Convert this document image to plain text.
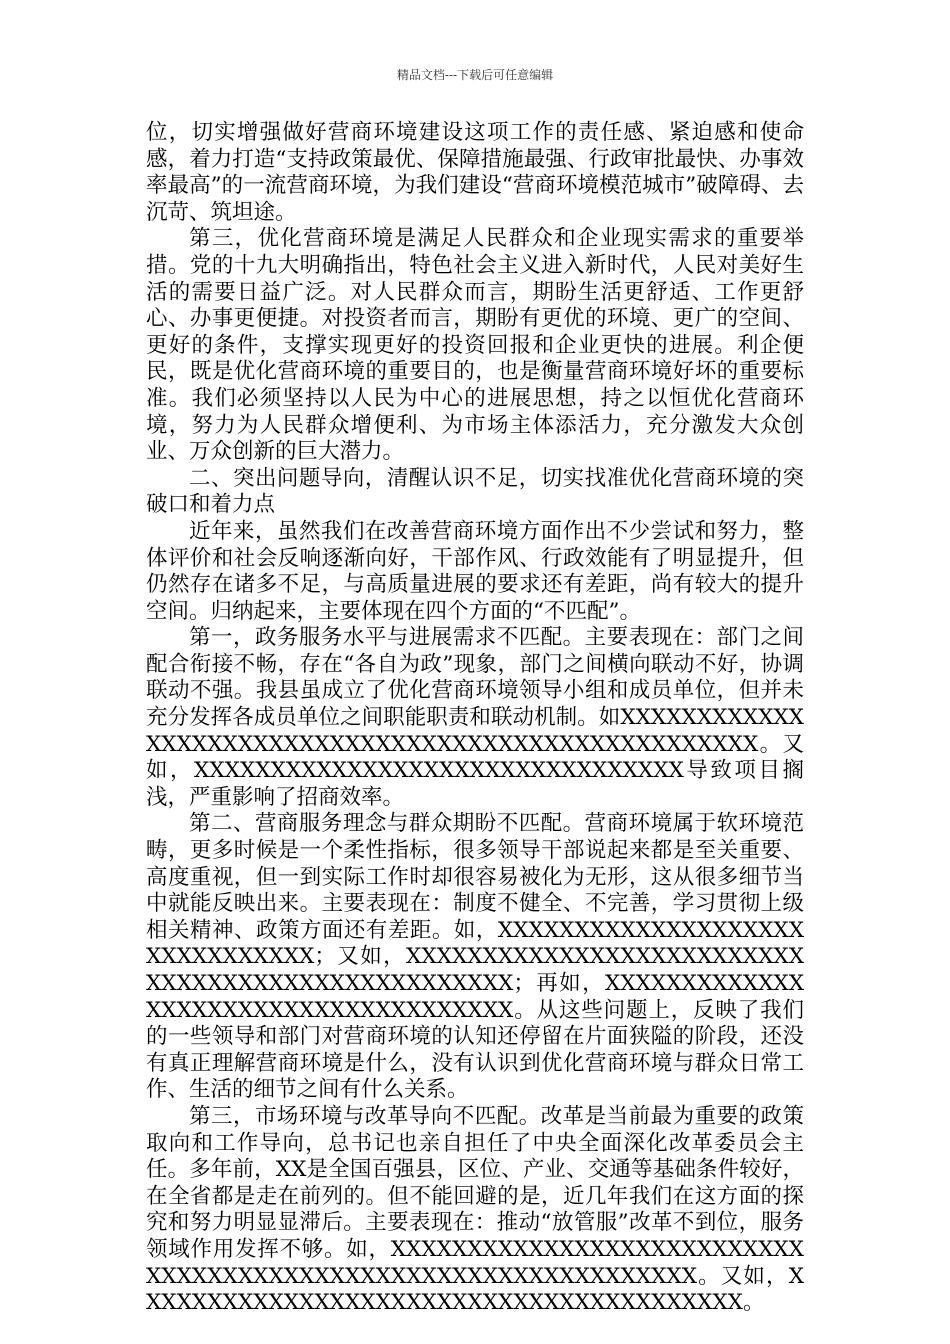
精品文档---下载后可任意编辑

位，切实增强做好营商环境建设这项工作的责任感、紧迫感和使命感，着力打造“支持政策最优、保障措施最强、行政审批最快、办事效率最高”的一流营商环境，为我们建设“营商环境模范城市”破障碍、去沉苛、筑坦途。

第三，优化营商环境是满足人民群众和企业现实需求的重要举措。党的十九大明确指出，特色社会主义进入新时代，人民对美好生活的需要日益广泛。对人民群众而言，期盼生活更舒适、工作更舒心、办事更便捷。对投资者而言，期盼有更优的环境、更广的空间、更好的条件，支撑实现更好的投资回报和企业更快的进展。利企便民，既是优化营商环境的重要目的，也是衡量营商环境好坏的重要标准。我们必须坚持以人民为中心的进展思想，持之以恒优化营商环境，努力为人民群众增便利、为市场主体添活力，充分激发大众创业、万众创新的巨大潜力。

二、突出问题导向，清醒认识不足，切实找准优化营商环境的突破口和着力点

近年来，虽然我们在改善营商环境方面作出不少尝试和努力，整体评价和社会反响逐渐向好，干部作风、行政效能有了明显提升，但仍然存在诸多不足，与高质量进展的要求还有差距，尚有较大的提升空间。归纳起来，主要体现在四个方面的“不匹配”。

第一，政务服务水平与进展需求不匹配。主要表现在：部门之间配合衔接不畅，存在“各自为政”现象，部门之间横向联动不好，协调联动不强。我县虽成立了优化营商环境领导小组和成员单位，但并未充分发挥各成员单位之间职能职责和联动机制。如XXXXXXXXXXXXXXXXXXXXXXXXXXXXXXXXXXXXXXXXXXXXXXXXXXXX。又如，XXXXXXXXXXXXXXXXXXXXXXXXXXXXXXXX导致项目搁浅，严重影响了招商效率。

第二、营商服务理念与群众期盼不匹配。营商环境属于软环境范畴，更多时候是一个柔性指标，很多领导干部说起来都是至关重要、高度重视，但一到实际工作时却很容易被化为无形，这从很多细节当中就能反映出来。主要表现在：制度不健全、不完善，学习贯彻上级相关精神、政策方面还有差距。如，XXXXXXXXXXXXXXXXXXXXXXXXXXXXXXX；又如，XXXXXXXXXXXXXXXXXXXXXXXXXXXXXXXXXXXXXXXXXXXXXXXXXX；再如，XXXXXXXXXXXXXXXXXXXXXXXXXXXXXXXXXXXXX。从这些问题上，反映了我们的一些领导和部门对营商环境的认知还停留在片面狭隘的阶段，还没有真正理解营商环境是什么，没有认识到优化营商环境与群众日常工作、生活的细节之间有什么关系。

第三，市场环境与改革导向不匹配。改革是当前最为重要的政策取向和工作导向，总书记也亲自担任了中央全面深化改革委员会主任。多年前，XX是全国百强县，区位、产业、交通等基础条件较好，在全省都是走在前列的。但不能回避的是，近几年我们在这方面的探究和努力明显显滞后。主要表现在：推动“放管服”改革不到位，服务领域作用发挥不够。如，XXXXXXXXXXXXXXXXXXXXXXXXXXXXXXXXXXXXXXXXXXXXXXXXXXXXXXXXXXXXXXX。又如，XXXXXXXXXXXXXXXXXXXXXXXXXXXXXXXXXXXXXXXX。
